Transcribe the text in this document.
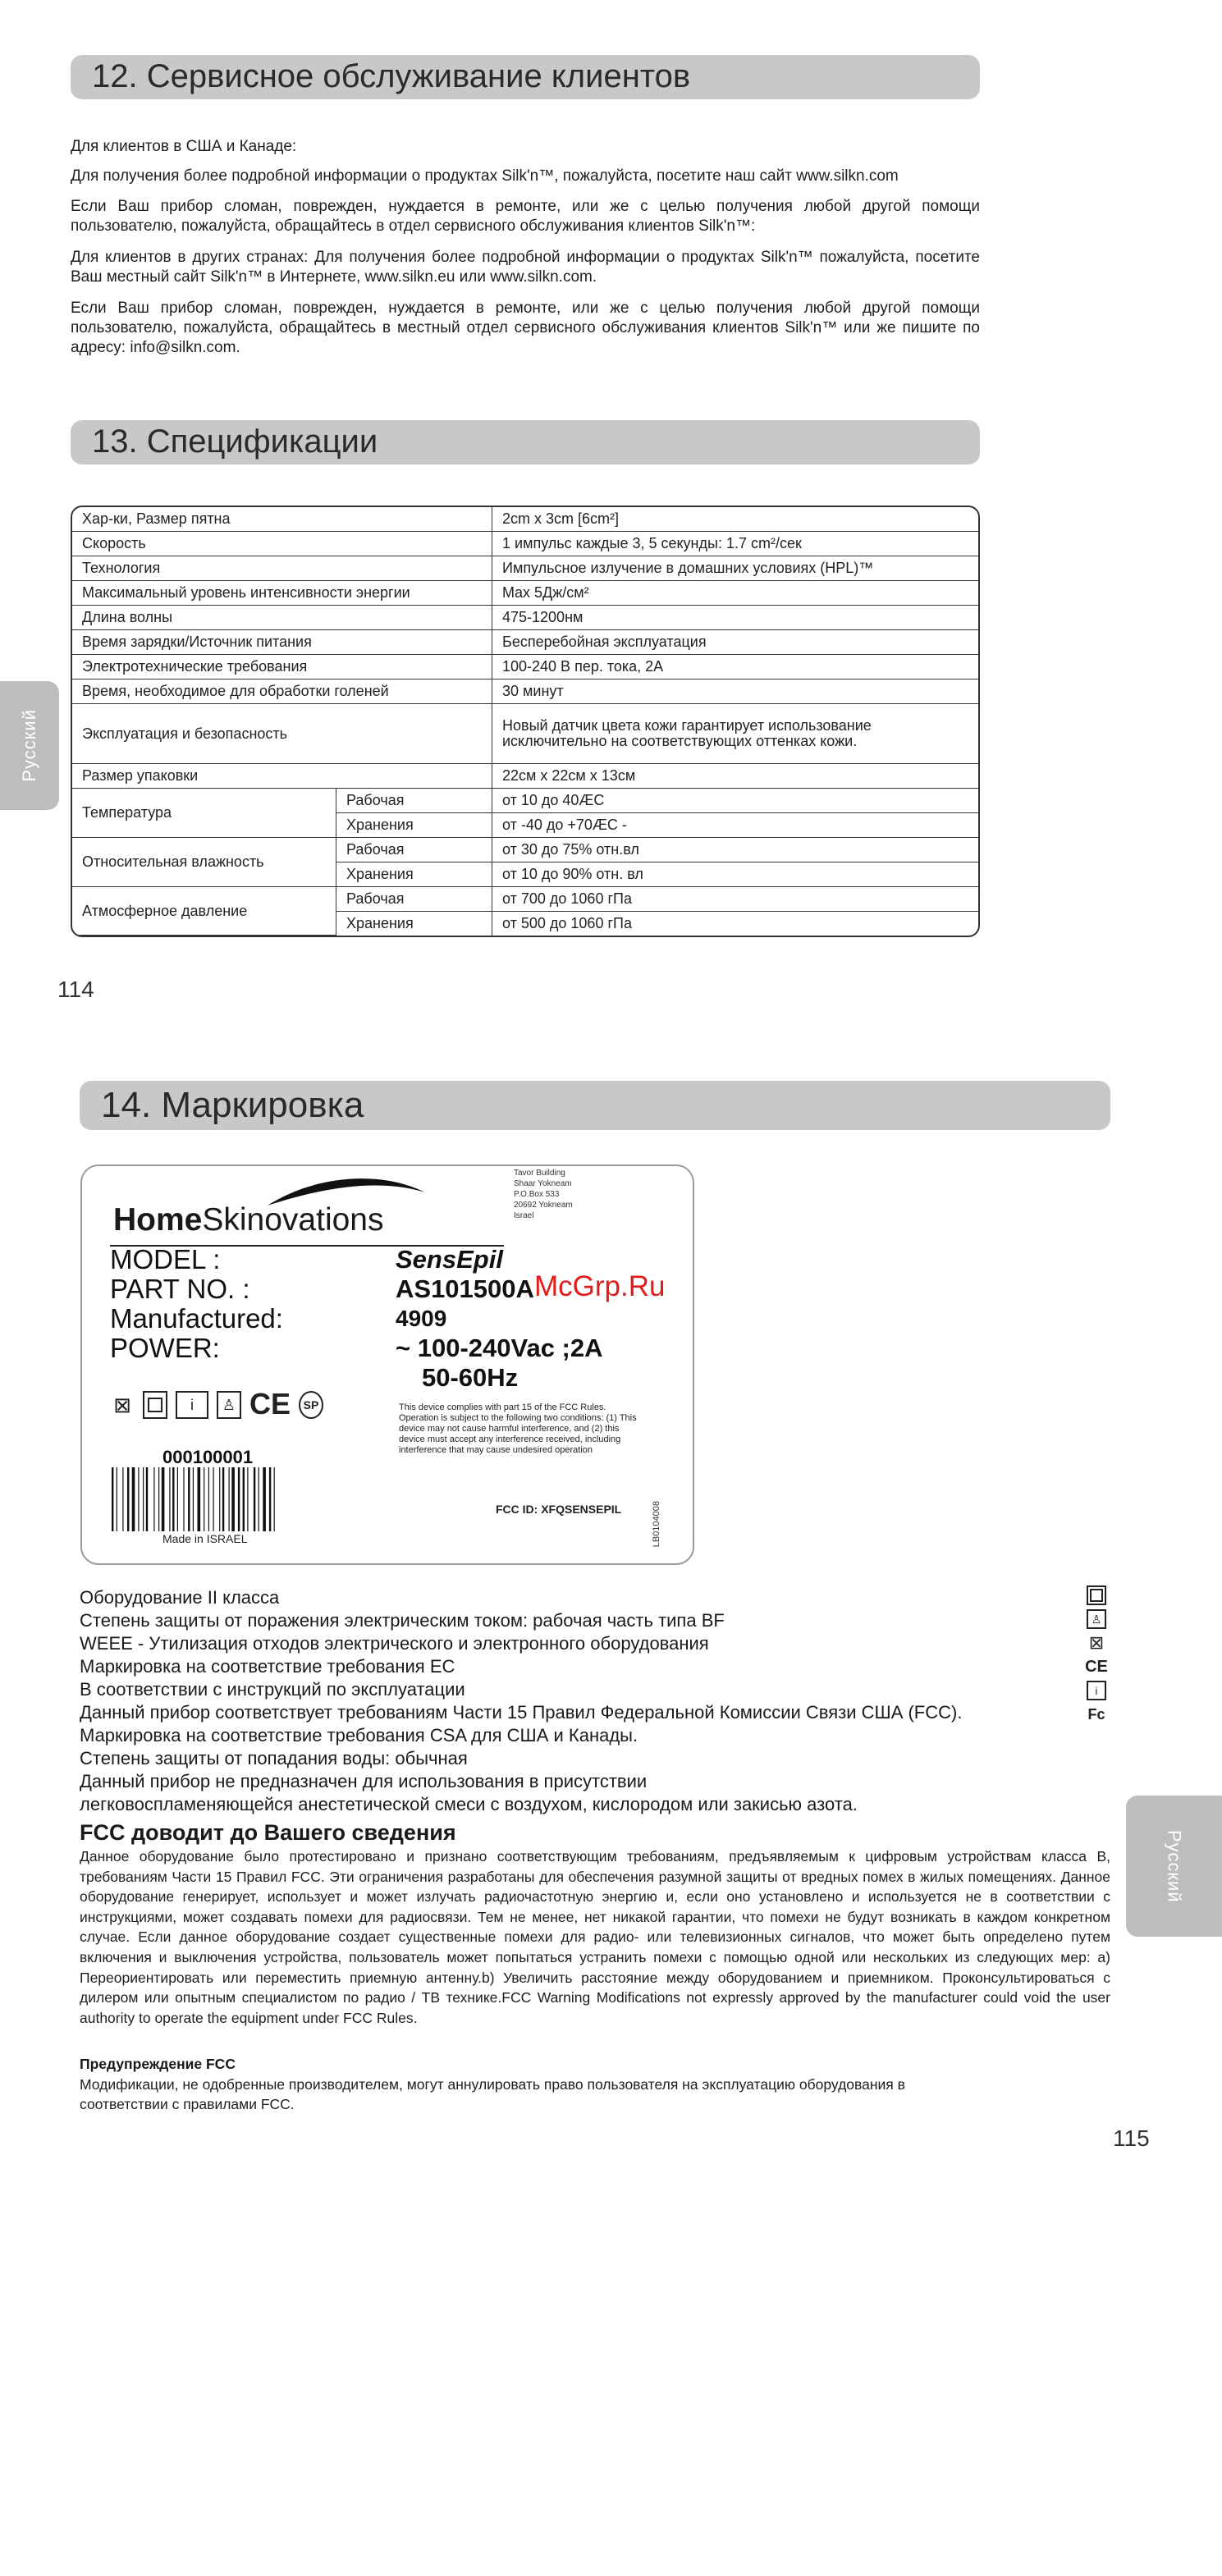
12. Сервисное обслуживание клиентов
Для клиентов в США и Канаде:
Для получения более подробной информации о продуктах Silk'n™, пожалуйста, посетите наш сайт www.silkn.com
Если Ваш прибор сломан, поврежден, нуждается в ремонте, или же с целью получения любой другой помощи пользователю, пожалуйста, обращайтесь в отдел сервисного обслуживания клиентов Silk'n™:
Для клиентов в других странах: Для получения более подробной информации о продуктах Silk'n™ пожалуйста, посетите Ваш местный сайт Silk'n™ в Интернете, www.silkn.eu или www.silkn.com.
Если Ваш прибор сломан, поврежден, нуждается в ремонте, или же с целью получения любой другой помощи пользователю, пожалуйста, обращайтесь в местный отдел сервисного обслуживания клиентов Silk'n™ или же пишите по адресу: info@silkn.com.
13. Спецификации
Хар-ки, Размер пятна		2cm x 3cm [6cm²]
Скорость		1 импульс каждые 3, 5 секунды: 1.7 cm²/сек
Технология		Импульсное излучение в домашних условиях (HPL)™
Максимальный уровень интенсивности энергии		Max 5Дж/см²
Длина волны		475-1200нм
Время зарядки/Источник питания		Бесперебойная эксплуатация
Электротехнические требования		100-240 В пер. тока, 2A
Время, необходимое для обработки голеней		30 минут
Эксплуатация и безопасность		Новый датчик цвета кожи гарантирует использование исключительно на соответствующих оттенках кожи.
Размер упаковки		22см x 22см x 13см
Температура	Рабочая	от 10 до 40ÆC
	Хранения	от -40 до +70ÆC -
Относительная влажность	Рабочая	от 30 до 75% отн.вл
	Хранения	от 10 до 90% отн. вл
Атмосферное давление	Рабочая	от 700 до 1060 гПа
	Хранения	от 500 до 1060 гПа
Русский
114
14. Маркировка
HomeSkinovations
Tavor Building
Shaar Yokneam
P.O.Box 533
20692 Yokneam
Israel
MODEL :	SensEpil
PART NO. :	AS101500A
Manufactured:	4909
POWER:	~ 100-240Vac ;2A
50-60Hz
⊠	i	♙ CE	SP	This device complies with part 15 of the FCC Rules. Operation is subject to the following two conditions: (1) This device may not cause harmful interference, and (2) this device must accept any interference received, including interference that may cause undesired operation
000100001
Made in ISRAEL
FCC ID: XFQSENSEPIL	LB0104008
McGrp.Ru
Оборудование II класса
Степень защиты от поражения электрическим током: рабочая часть типа BF
WEEE - Утилизация отходов электрического и электронного оборудования
Маркировка на соответствие требования ЕС
В соответствии с инструкций по эксплуатации
Данный прибор соответствует требованиям Части 15 Правил Федеральной Комиссии Связи США (FCC).
Маркировка на соответствие требования CSA для США и Канады.
Степень защиты от попадания воды: обычная
Данный прибор не предназначен для использования в присутствии
легковоспламеняющейся анестетической смеси с воздухом, кислородом или закисью азота.
♙
⊠
CE
i
Fc
FCC доводит до Вашего сведения
Данное оборудование было протестировано и признано соответствующим требованиям, предъявляемым к цифровым устройствам класса B, требованиям Части 15 Правил FCC. Эти ограничения разработаны для обеспечения разумной защиты от вредных помех в жилых помещениях. Данное оборудование генерирует, использует и может излучать радиочастотную энергию и, если оно установлено и используется не в соответствии с инструкциями, может создавать помехи для радиосвязи. Тем не менее, нет никакой гарантии, что помехи не будут возникать в каждом конкретном случае. Если данное оборудование создает существенные помехи для радио- или телевизионных сигналов, что может быть определено путем включения и выключения устройства, пользователь может попытаться устранить помехи с помощью одной или нескольких из следующих мер: а) Переориентировать или переместить приемную антенну.b) Увеличить расстояние между оборудованием и приемником. Проконсультироваться с дилером или опытным специалистом по радио / ТВ технике.FCC Warning Modifications not expressly approved by the manufacturer could void the user authority to operate the equipment under FCC Rules.
Предупреждение FCC
Модификации, не одобренные производителем, могут аннулировать право пользователя на эксплуатацию оборудования в соответствии с правилами FCC.
Русский
115
